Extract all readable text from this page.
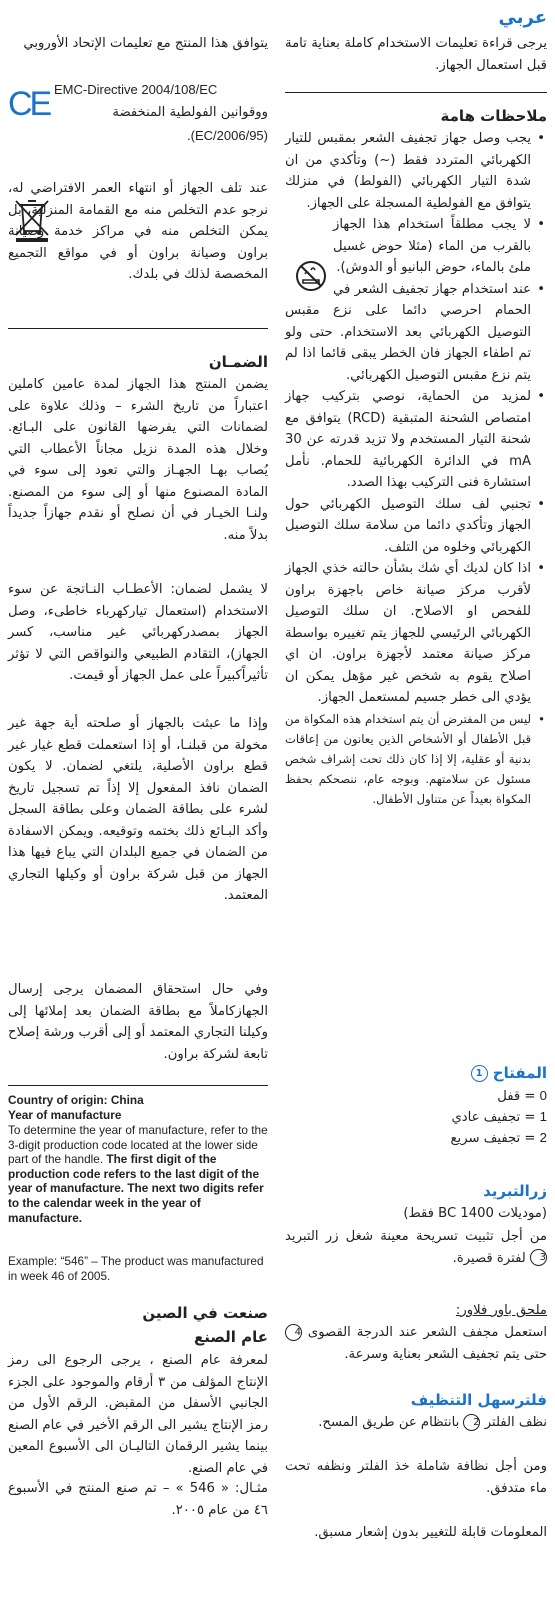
عربي

يرجى قراءة تعليمات الاستخدام كاملة بعناية تامة قبل استعمال الجهاز.

ملاحظات هامة
• يجب وصل جهاز تجفيف الشعر بمقبس للتيار الكهربائي المتردد فقط (~) وتأكدي من ان شدة التيار الكهربائي (الفولط) في منزلك يتوافق مع الفولطية المسجلة على الجهاز.
• لا يجب مطلقاً استخدام هذا الجهاز بالقرب من الماء (مثلا حوض غسيل ملئ بالماء، حوض البانيو أو الدوش).
• عند استخدام جهاز تجفيف الشعر في الحمام احرصي دائما على نزع مقبس التوصيل الكهربائي بعد الاستخدام. حتى ولو تم اطفاء الجهاز فان الخطر يبقى قائما اذا لم يتم نزع مقبس التوصيل الكهربائي.
• لمزيد من الحماية، نوصي بتركيب جهاز امتصاص الشحنة المتبقية (RCD) يتوافق مع شحنة التيار المستخدم ولا تزيد قدرته عن 30 mA في الدائرة الكهربائية للحمام. نأمل استشارة فنى التركيب بهذا الصدد.
• تجنبي لف سلك التوصيل الكهربائي حول الجهاز وتأكدي دائما من سلامة سلك التوصيل الكهربائي وخلوه من التلف.
• اذا كان لديك أي شك بشأن حالته خذي الجهاز لأقرب مركز صيانة خاص باجهزة براون للفحص او الاصلاح. ان سلك التوصيل الكهربائي الرئيسي للجهاز يتم تغييره بواسطة مركز صيانة معتمد لأجهزة براون. ان اي اصلاح يقوم به شخص غير مؤهل يمكن ان يؤدي الى خطر جسيم لمستعمل الجهاز.
• ليس من المفترض أن يتم استخدام هذه المكواة من قبل الأطفال أو الأشخاص الذين يعانون من إعاقات بدنية أو عقلية، إلا إذا كان ذلك تحت إشراف شخص مسئول عن سلامتهم. وبوجه عام، ننصحكم بحفظ المكواة بعيداً عن متناول الأطفال.
المفتاح 1
0 = قفل
1 = تجفيف عادي
2 = تجفيف سريع
زرالتبريد

(موديلات BC 1400 فقط)

من أجل تثبيت تسريحة معينة شغل زر التبريد 3 لفترة قصيرة.

ملحق باور فلاور:

استعمل مجفف الشعر عند الدرجة القصوى 4 حتى يتم تجفيف الشعر بعناية وسرعة.

فلترسهل التنظيف

نظف الفلتر 2 بانتظام عن طريق المسح.

ومن أجل نظافة شاملة خذ الفلتر ونظفه تحت ماء متدفق.

المعلومات قابلة للتغيير بدون إشعار مسبق.

يتوافق هذا المنتج مع تعليمات الإتحاد الأوروبي

CE EMC-Directive 2004/108/EC

ووقوانين الفولطية المنخفضة

(2006/95/EC).

عند تلف الجهاز أو انتهاء العمر الافتراضي له، نرجو عدم التخلص منه مع القمامة المنزلية، بل يمكن التخلص منه في مراكز خدمة وصيانة براون وصيانة براون أو في مواقع التجميع المخصصة لذلك في بلدك.

الضمـان

يضمن المنتج هذا الجهاز لمدة عامين كاملين اعتباراً من تاريخ الشرء – وذلك علاوة على لضمانات التي يفرضها القانون على البـائع. وخلال هذه المدة نزيل مجاناً الأعطاب التي يُصاب بهـا الجهـاز والتي تعود إلى سوء في المادة المصنوع منها أو إلى سوء من المصنع. ولنـا الخيـار في أن نصلح أو نقدم جهازاً جديداً بدلاً منه.

لا يشمل لضمان: الأعطـاب النـاتجة عن سوء الاستخدام (استعمال تياركهرباء خاطىء، وصل الجهاز بمصدركهربائي غير مناسب، كسر الجهاز)، التقادم الطبيعي والنواقص التي لا تؤثر تأثيراًكبيراً على عمل الجهاز أو قيمت.

وإذا ما عبثت بالجهاز أو صلحته أية جهة غير مخولة من قبلنـا، أو إذا استعملت قطع غيار غير قطع براون الأصلية، يلتغي لضمان. لا يكون الضمان نافذ المفعول إلا إذاً تم تسجيل تاريخ لشرء على بطاقة الضمان وعلى بطاقة السجل وأكد البـائع ذلك بختمه وتوقيعه. ويمكن الاسفادة من الضمان في جميع البلدان التي يباع فيها هذا الجهاز من قبل شركة براون أو وكيلها التجاري المعتمد.

وفي حال استحقاق المضمان يرجى إرسال الجهازكاملاً مع بطاقة الضمان بعد إملائها إلى وكيلنا التجاري المعتمد أو إلى أقرب ورشة إصلاح تابعة لشركة براون.

Country of origin: China
Year of manufacture
To determine the year of manufacture, refer to the 3-digit production code located at the lower side part of the handle. The first digit of the production code refers to the last digit of the year of manufacture. The next two digits refer to the calendar week in the year of manufacture.
Example: “546” – The product was manufactured in week 46 of 2005.
صنعت في الصين
عام الصنع

لمعرفة عام الصنع ، يرجى الرجوع الى رمز الإنتاج المؤلف من ٣ أرقام والموجود على الجزء الجانبي الأسفل من المقبض. الرقم الأول من رمز الإنتاج يشير الى الرقم الأخير في عام الصنع بينما يشير الرقمان التاليـان الى الأسبوع المعين في عام الصنع.

مثـال: « 546 » – تم صنع المنتج في الأسبوع ٤٦ من عام ٢٠٠٥.
